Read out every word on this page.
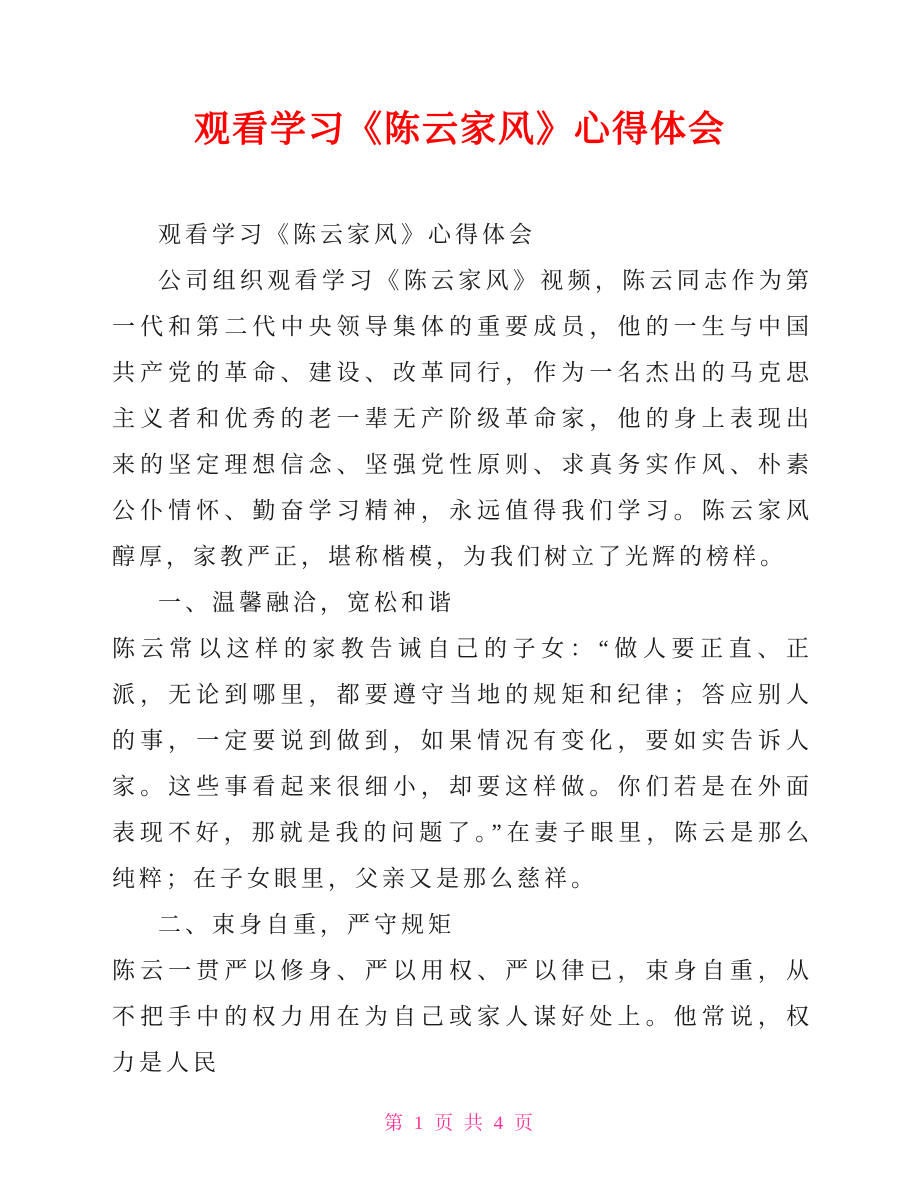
观看学习《陈云家风》心得体会

观看学习《陈云家风》心得体会

公司组织观看学习《陈云家风》视频，陈云同志作为第一代和第二代中央领导集体的重要成员，他的一生与中国共产党的革命、建设、改革同行，作为一名杰出的马克思主义者和优秀的老一辈无产阶级革命家，他的身上表现出来的坚定理想信念、坚强党性原则、求真务实作风、朴素公仆情怀、勤奋学习精神，永远值得我们学习。陈云家风醇厚，家教严正，堪称楷模，为我们树立了光辉的榜样。

一、温馨融洽，宽松和谐

陈云常以这样的家教告诫自己的子女：“做人要正直、正派，无论到哪里，都要遵守当地的规矩和纪律；答应别人的事，一定要说到做到，如果情况有变化，要如实告诉人家。这些事看起来很细小，却要这样做。你们若是在外面表现不好，那就是我的问题了。”在妻子眼里，陈云是那么纯粹；在子女眼里，父亲又是那么慈祥。

二、束身自重，严守规矩

陈云一贯严以修身、严以用权、严以律已，束身自重，从不把手中的权力用在为自己或家人谋好处上。他常说，权力是人民

第 1 页 共 4 页
